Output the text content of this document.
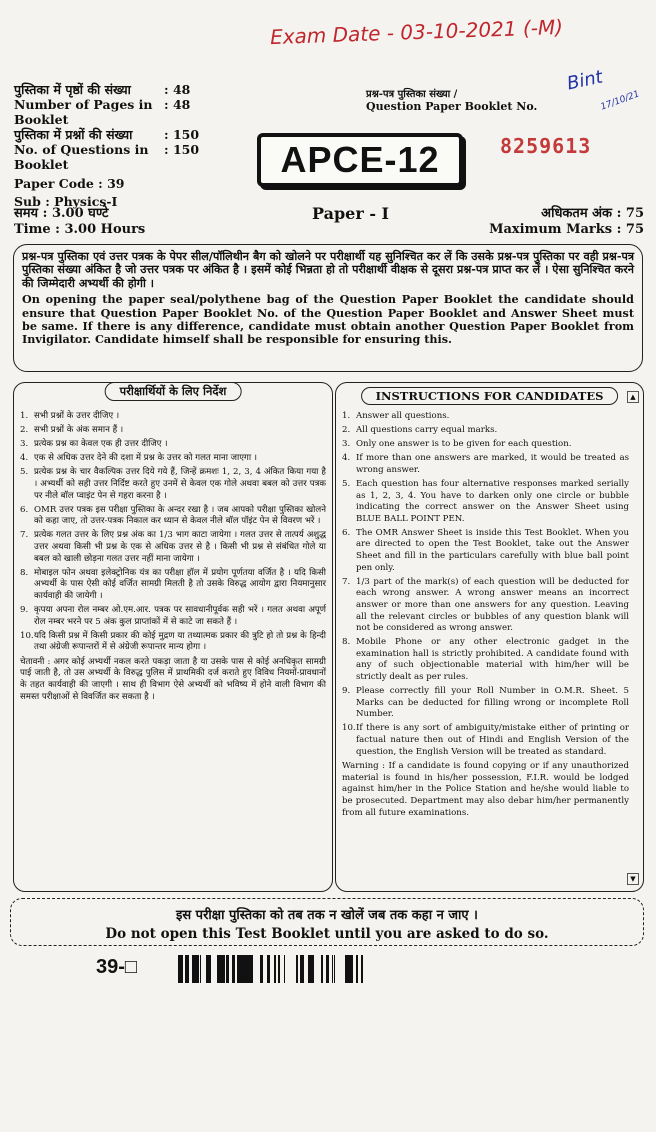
Exam Date - 03-10-2021 (-M)
Bint
17/10/21
पुस्तिका में पृष्ठों की संख्या	: 48
Number of Pages in Booklet
: 48
पुस्तिका में प्रश्नों की संख्या	: 150
No. of Questions in Booklet
: 150
Paper Code : 39
Sub : Physics-I
प्रश्न-पत्र पुस्तिका संख्या /
Question Paper Booklet No.
8259613
APCE-12
समय : 3.00 घण्टे
Time : 3.00 Hours
Paper - I	अधिकतम अंक : 75
Maximum Marks : 75
प्रश्न-पत्र पुस्तिका एवं उत्तर पत्रक के पेपर सील/पॉलिथीन बैग को खोलने पर परीक्षार्थी यह सुनिश्चित कर लें कि उसके प्रश्न-पत्र पुस्तिका पर वही प्रश्न-पत्र पुस्तिका संख्या अंकित है जो उत्तर पत्रक पर अंकित है । इसमें कोई भिन्नता हो तो परीक्षार्थी वीक्षक से दूसरा प्रश्न-पत्र प्राप्त कर लें । ऐसा सुनिश्चित करने की जिम्मेदारी अभ्यर्थी की होगी ।
On opening the paper seal/polythene bag of the Question Paper Booklet the candidate should ensure that Question Paper Booklet No. of the Question Paper Booklet and Answer Sheet must be same. If there is any difference, candidate must obtain another Question Paper Booklet from Invigilator. Candidate himself shall be responsible for ensuring this.
परीक्षार्थियों के लिए निर्देश
1. सभी प्रश्नों के उत्तर दीजिए ।
2. सभी प्रश्नों के अंक समान हैं ।
3. प्रत्येक प्रश्न का केवल एक ही उत्तर दीजिए ।
4. एक से अधिक उत्तर देने की दशा में प्रश्न के उत्तर को गलत माना जाएगा ।
5. प्रत्येक प्रश्न के चार वैकल्पिक उत्तर दिये गये हैं, जिन्हें क्रमशः 1, 2, 3, 4 अंकित किया गया है । अभ्यर्थी को सही उत्तर निर्दिष्ट करते हुए उनमें से केवल एक गोले अथवा बबल को उत्तर पत्रक पर नीले बॉल प्वाइंट पेन से गहरा करना है ।
6. OMR उत्तर पत्रक इस परीक्षा पुस्तिका के अन्दर रखा है । जब आपको परीक्षा पुस्तिका खोलने को कहा जाए, तो उत्तर-पत्रक निकाल कर ध्यान से केवल नीले बॉल पॉइंट पेन से विवरण भरें ।
7. प्रत्येक गलत उत्तर के लिए प्रश्न अंक का 1/3 भाग काटा जायेगा । गलत उत्तर से तात्पर्य अशुद्ध उत्तर अथवा किसी भी प्रश्न के एक से अधिक उत्तर से है । किसी भी प्रश्न से संबंधित गोले या बबल को खाली छोड़ना गलत उत्तर नहीं माना जायेगा ।
8. मोबाइल फोन अथवा इलेक्ट्रोनिक यंत्र का परीक्षा हॉल में प्रयोग पूर्णतया वर्जित है । यदि किसी अभ्यर्थी के पास ऐसी कोई वर्जित सामग्री मिलती है तो उसके विरुद्ध आयोग द्वारा नियमानुसार कार्यवाही की जायेगी ।
9. कृपया अपना रोल नम्बर ओ.एम.आर. पत्रक पर सावधानीपूर्वक सही भरें । गलत अथवा अपूर्ण रोल नम्बर भरने पर 5 अंक कुल प्राप्तांकों में से काटे जा सकते हैं ।
10. यदि किसी प्रश्न में किसी प्रकार की कोई मुद्रण या तथ्यात्मक प्रकार की त्रुटि हो तो प्रश्न के हिन्दी तथा अंग्रेजी रूपान्तरों में से अंग्रेजी रूपान्तर मान्य होगा ।
चेतावनी : अगर कोई अभ्यर्थी नकल करते पकड़ा जाता है या उसके पास से कोई अनधिकृत सामग्री पाई जाती है, तो उस अभ्यर्थी के विरुद्ध पुलिस में प्राथमिकी दर्ज कराते हुए विविध नियमों-प्रावधानों के तहत कार्यवाही की जाएगी । साथ ही विभाग ऐसे अभ्यर्थी को भविष्य में होने वाली विभाग की समस्त परीक्षाओं से विवर्जित कर सकता है ।
INSTRUCTIONS FOR CANDIDATES	▲
▼
1. Answer all questions.
2. All questions carry equal marks.
3. Only one answer is to be given for each question.
4. If more than one answers are marked, it would be treated as wrong answer.
5. Each question has four alternative responses marked serially as 1, 2, 3, 4. You have to darken only one circle or bubble indicating the correct answer on the Answer Sheet using BLUE BALL POINT PEN.
6. The OMR Answer Sheet is inside this Test Booklet. When you are directed to open the Test Booklet, take out the Answer Sheet and fill in the particulars carefully with blue ball point pen only.
7. 1/3 part of the mark(s) of each question will be deducted for each wrong answer. A wrong answer means an incorrect answer or more than one answers for any question. Leaving all the relevant circles or bubbles of any question blank will not be considered as wrong answer.
8. Mobile Phone or any other electronic gadget in the examination hall is strictly prohibited. A candidate found with any of such objectionable material with him/her will be strictly dealt as per rules.
9. Please correctly fill your Roll Number in O.M.R. Sheet. 5 Marks can be deducted for filling wrong or incomplete Roll Number.
10. If there is any sort of ambiguity/mistake either of printing or factual nature then out of Hindi and English Version of the question, the English Version will be treated as standard.
Warning : If a candidate is found copying or if any unauthorized material is found in his/her possession, F.I.R. would be lodged against him/her in the Police Station and he/she would liable to be prosecuted. Department may also debar him/her permanently from all future examinations.
इस परीक्षा पुस्तिका को तब तक न खोलें जब तक कहा न जाए ।
Do not open this Test Booklet until you are asked to do so.
39-□
